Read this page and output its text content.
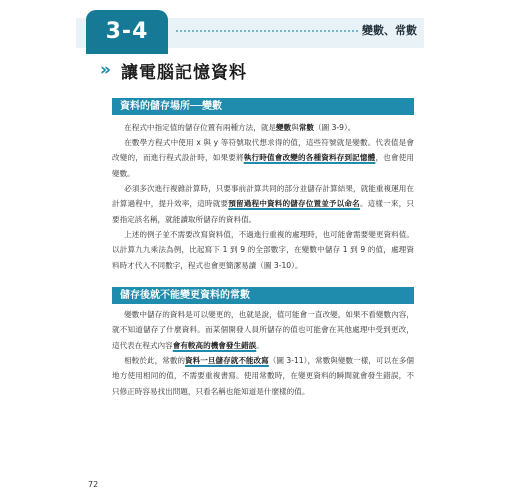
3-4	變數、常數
» 讓電腦記憶資料
資料的儲存場所──變數

在程式中指定值的儲存位置有兩種方法，就是變數與常數（圖 3-9）。

在數學方程式中使用 x 與 y 等符號取代想求得的值，這些符號就是變數。代表值是會改變的，而進行程式設計時，如果要將執行時值會改變的各種資料存到記憶體，也會使用變數。

必須多次進行複雜計算時，只要事前計算共同的部分並儲存計算結果，就能重複運用在計算過程中，提升效率，這時就要預留過程中資料的儲存位置並予以命名。這樣一來，只要指定該名稱，就能讀取所儲存的資料值。

上述的例子並不需要改寫資料值，不過進行重複的處理時，也可能會需要變更資料值。以計算九九乘法為例，比起寫下 1 到 9 的全部數字，在變數中儲存 1 到 9 的值，處理資料時才代入不同數字，程式也會更簡潔易讀（圖 3-10）。

儲存後就不能變更資料的常數

變數中儲存的資料是可以變更的，也就是說，值可能會一直改變，如果不看變數內容，就不知道儲存了什麼資料。而某個開發人員所儲存的值也可能會在其他處理中受到更改，這代表在程式內容會有較高的機會發生錯誤。

相較於此，常數的資料一旦儲存就不能改寫（圖 3-11），常數與變數一樣，可以在多個地方使用相同的值，不需要重複書寫。使用常數時，在變更資料的瞬間就會發生錯誤，不只修正時容易找出問題，只看名稱也能知道是什麼樣的值。

72
